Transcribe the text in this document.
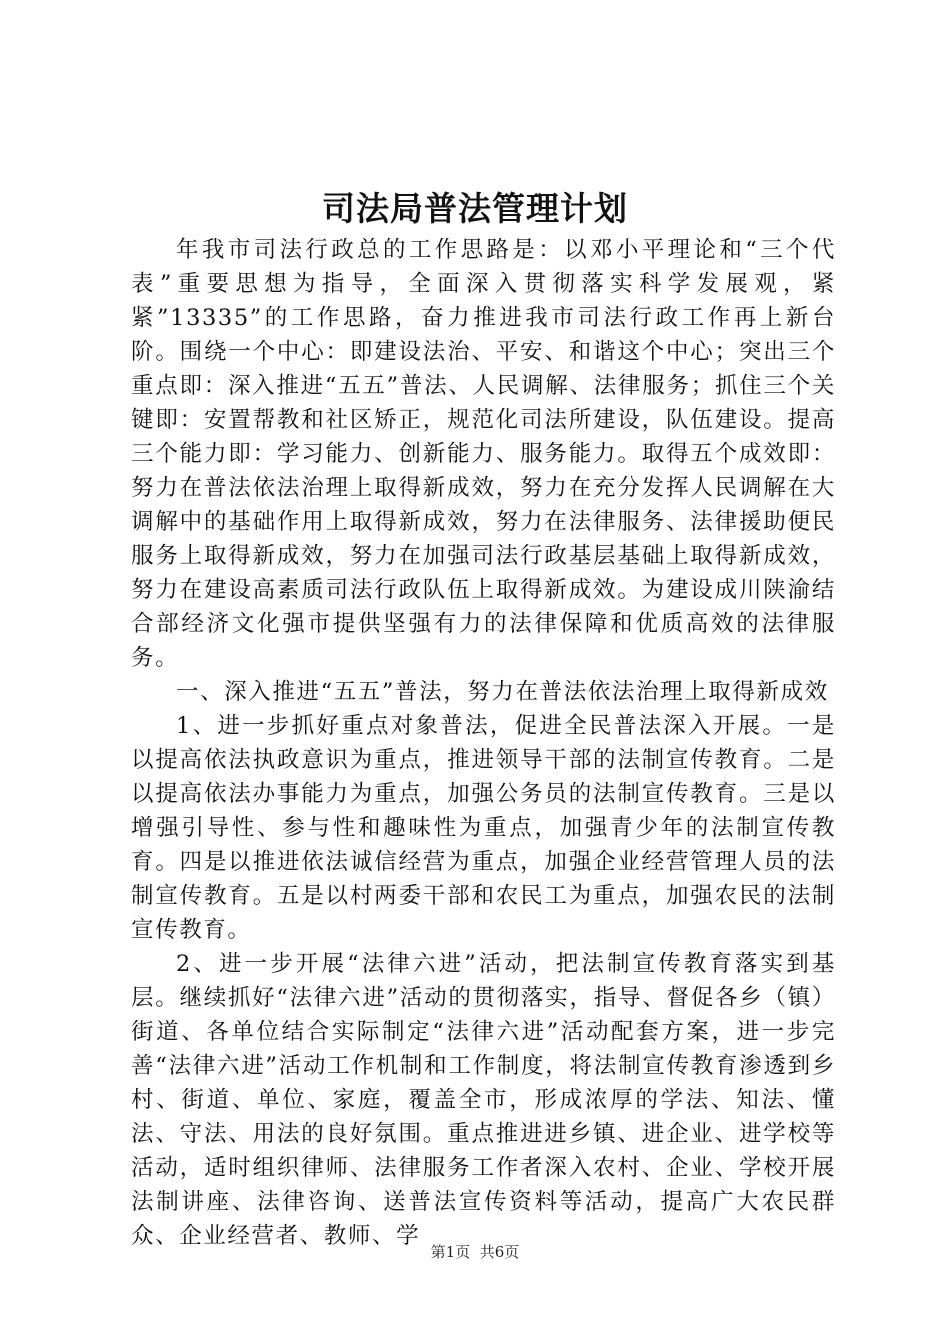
司法局普法管理计划

年我市司法行政总的工作思路是：以邓小平理论和“三个代表”重要思想为指导，全面深入贯彻落实科学发展观，紧紧”13335”的工作思路，奋力推进我市司法行政工作再上新台阶。围绕一个中心：即建设法治、平安、和谐这个中心；突出三个重点即：深入推进“五五”普法、人民调解、法律服务；抓住三个关键即：安置帮教和社区矫正，规范化司法所建设，队伍建设。提高三个能力即：学习能力、创新能力、服务能力。取得五个成效即：努力在普法依法治理上取得新成效，努力在充分发挥人民调解在大调解中的基础作用上取得新成效，努力在法律服务、法律援助便民服务上取得新成效，努力在加强司法行政基层基础上取得新成效，努力在建设高素质司法行政队伍上取得新成效。为建设成川陕渝结合部经济文化强市提供坚强有力的法律保障和优质高效的法律服务。

一、深入推进“五五”普法，努力在普法依法治理上取得新成效

1、进一步抓好重点对象普法，促进全民普法深入开展。一是以提高依法执政意识为重点，推进领导干部的法制宣传教育。二是以提高依法办事能力为重点，加强公务员的法制宣传教育。三是以增强引导性、参与性和趣味性为重点，加强青少年的法制宣传教育。四是以推进依法诚信经营为重点，加强企业经营管理人员的法制宣传教育。五是以村两委干部和农民工为重点，加强农民的法制宣传教育。

2、进一步开展“法律六进”活动，把法制宣传教育落实到基层。继续抓好“法律六进”活动的贯彻落实，指导、督促各乡（镇）街道、各单位结合实际制定“法律六进”活动配套方案，进一步完善“法律六进”活动工作机制和工作制度，将法制宣传教育渗透到乡村、街道、单位、家庭，覆盖全市，形成浓厚的学法、知法、懂法、守法、用法的良好氛围。重点推进进乡镇、进企业、进学校等活动，适时组织律师、法律服务工作者深入农村、企业、学校开展法制讲座、法律咨询、送普法宣传资料等活动，提高广大农民群众、企业经营者、教师、学

第1页 共6页
